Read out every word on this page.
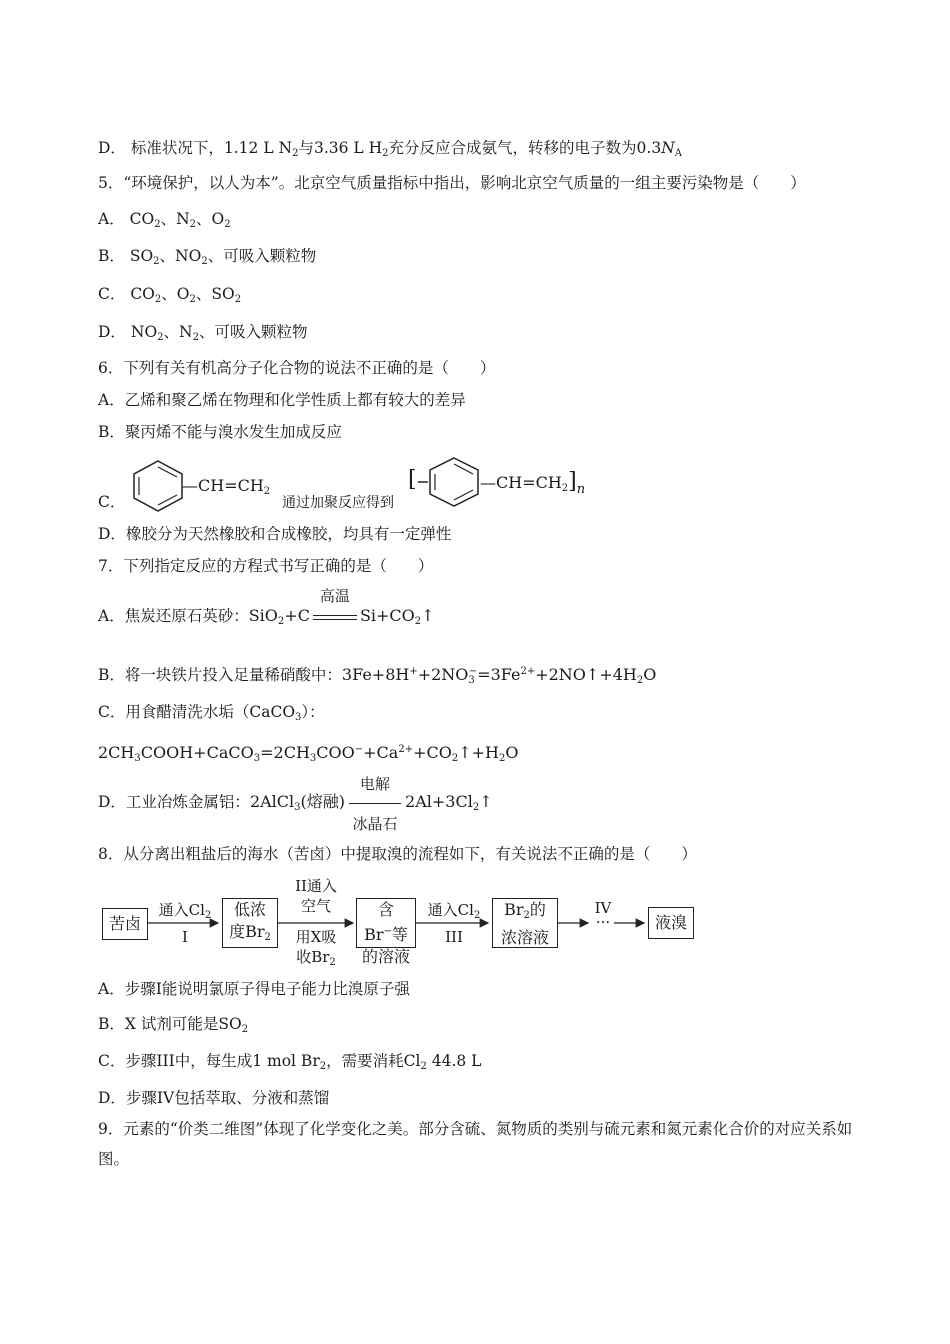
D． 标准状况下，1.12 L $N_2$与3.36 L $H_2$充分反应合成氨气，转移的电子数为$0.3N_A$
5．“环境保护，以人为本”。北京空气质量指标中指出，影响北京空气质量的一组主要污染物是（　　）
A． $CO_2$、$N_2$、$O_2$
B． $SO_2$、$NO_2$、可吸入颗粒物
C． $CO_2$、$O_2$、$SO_2$
D． $NO_2$、$N_2$、可吸入颗粒物
6．下列有关有机高分子化合物的说法不正确的是（　　）
A．乙烯和聚乙烯在物理和化学性质上都有较大的差异
B．聚丙烯不能与溴水发生加成反应
C．
$—CH=CH_2$
通过加聚反应得到
[	$—CH=CH_2]_n$
D．橡胶分为天然橡胶和合成橡胶，均具有一定弹性
7．下列指定反应的方程式书写正确的是（　　）
A．焦炭还原石英砂：SiO$_2$+C
高温
$Si+CO_2↑$
B．将一块铁片投入足量稀硝酸中：$3Fe+8H^++2NO_3^-=3Fe^{2+}+2NO↑+4H_2O$
C．用食醋清洗水垢（CaCO$_3$）：
$2CH_3COOH+CaCO_3=2CH_3COO^-+Ca^{2+}+CO_2↑+H_2O$
D．工业冶炼金属铝：2AlCl$_3$(熔融)
电解
冰晶石
$2Al+3Cl_2↑$
8．从分离出粗盐后的海水（苦卤）中提取溴的流程如下，有关说法不正确的是（　　）
苦卤
通入$Cl_2$
I
低浓
度$Br_2$
II通入
空气
用X吸
收$Br_2$
含Br−等
的溶液
通入$Cl_2$
III
$Br_2$的
浓溶液
IV
···	液溴
A．步骤I能说明氯原子得电子能力比溴原子强
B．X 试剂可能是$SO_2$
C．步骤III中，每生成1 mol $Br_2$，需要消耗$Cl_2$ 44.8 L
D．步骤IV包括萃取、分液和蒸馏
9．元素的“价类二维图”体现了化学变化之美。部分含硫、氮物质的类别与硫元素和氮元素化合价的对应关系如图。
